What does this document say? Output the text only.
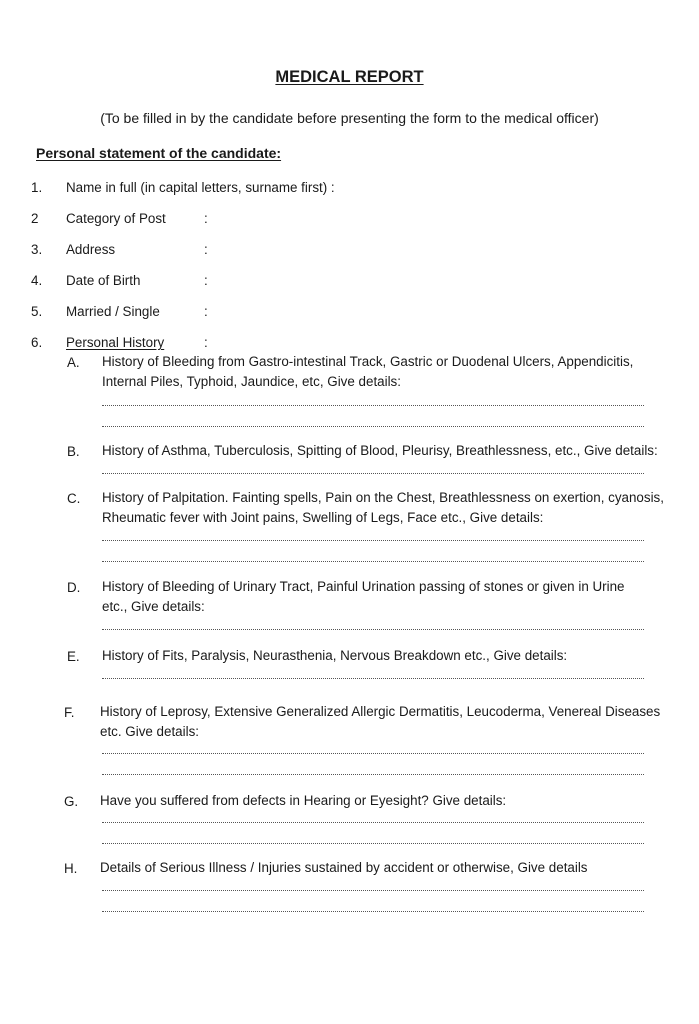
MEDICAL REPORT
(To be filled in by the candidate before presenting the form to the medical officer)
Personal statement of the candidate:
1. Name in full (in capital letters, surname first) :
2 Category of Post	:
3. Address	:
4. Date of Birth	:
5. Married / Single	:
6. Personal History	:
A. History of Bleeding from Gastro-intestinal Track, Gastric or Duodenal Ulcers, Appendicitis,
Internal Piles, Typhoid, Jaundice, etc, Give details:
B. History of Asthma, Tuberculosis, Spitting of Blood, Pleurisy, Breathlessness, etc., Give details:
C. History of Palpitation. Fainting spells, Pain on the Chest, Breathlessness on exertion, cyanosis,
Rheumatic fever with Joint pains, Swelling of Legs, Face etc., Give details:
D. History of Bleeding of Urinary Tract, Painful Urination passing of stones or given in Urine
etc., Give details:
E. History of Fits, Paralysis, Neurasthenia, Nervous Breakdown etc., Give details:
F. History of Leprosy, Extensive Generalized Allergic Dermatitis, Leucoderma, Venereal Diseases
etc. Give details:
G. Have you suffered from defects in Hearing or Eyesight? Give details:
H. Details of Serious Illness / Injuries sustained by accident or otherwise, Give details
